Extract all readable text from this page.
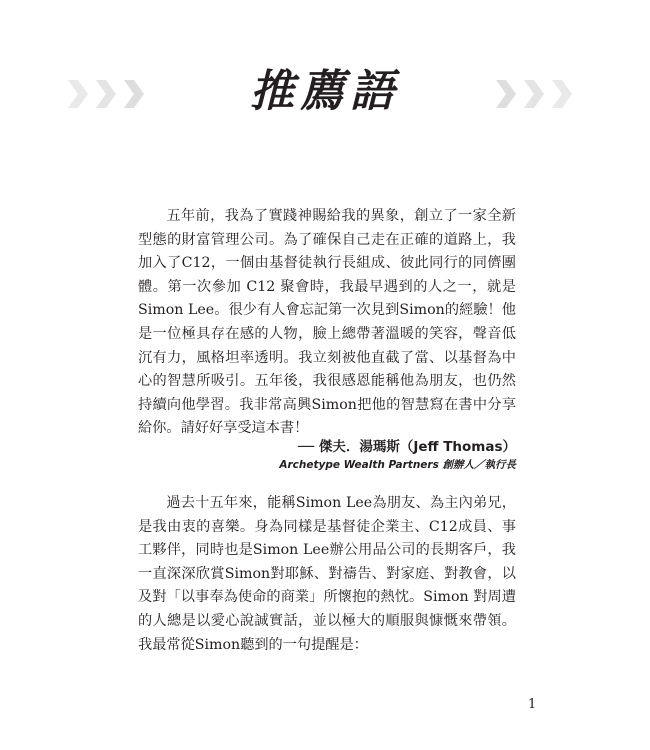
推薦語

五年前，我為了實踐神賜給我的異象，創立了一家全新型態的財富管理公司。為了確保自己走在正確的道路上，我加入了C12，一個由基督徒執行長組成、彼此同行的同儕團體。第一次參加 C12 聚會時，我最早遇到的人之一，就是Simon Lee。很少有人會忘記第一次見到Simon的經驗！他是一位極具存在感的人物，臉上總帶著溫暖的笑容，聲音低沉有力，風格坦率透明。我立刻被他直截了當、以基督為中心的智慧所吸引。五年後，我很感恩能稱他為朋友，也仍然持續向他學習。我非常高興Simon把他的智慧寫在書中分享給你。請好好享受這本書！

── 傑夫．湯瑪斯（Jeff Thomas）
Archetype Wealth Partners 創辦人／執行長

過去十五年來，能稱Simon Lee為朋友、為主內弟兄，是我由衷的喜樂。身為同樣是基督徒企業主、C12成員、事工夥伴，同時也是Simon Lee辦公用品公司的長期客戶，我一直深深欣賞Simon對耶穌、對禱告、對家庭、對教會，以及對「以事奉為使命的商業」所懷抱的熱忱。Simon 對周遭的人總是以愛心說誠實話，並以極大的順服與慷慨來帶領。我最常從Simon聽到的一句提醒是：

1
